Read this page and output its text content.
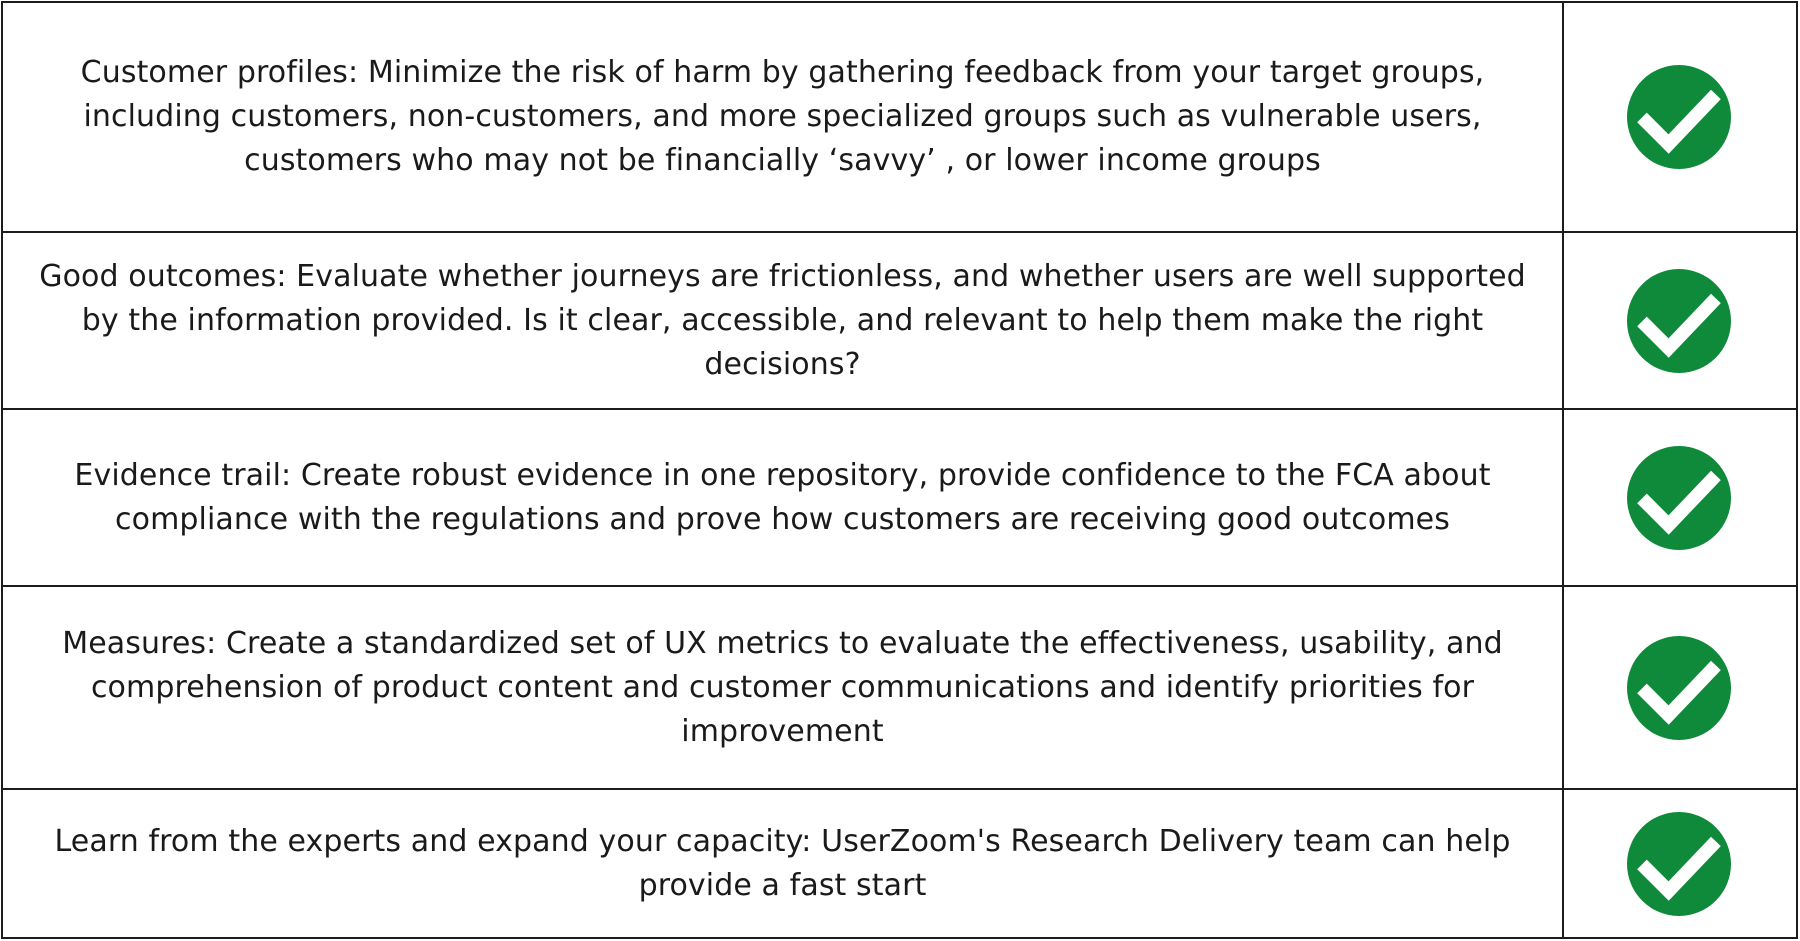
Customer profiles: Minimize the risk of harm by gathering feedback from your target groups, including customers, non-customers, and more specialized groups such as vulnerable users, customers who may not be financially ‘savvy’ , or lower income groups
Good outcomes: Evaluate whether journeys are frictionless, and whether users are well supported by the information provided. Is it clear, accessible, and relevant to help them make the right decisions?
Evidence trail: Create robust evidence in one repository, provide confidence to the FCA about compliance with the regulations and prove how customers are receiving good outcomes
Measures: Create a standardized set of UX metrics to evaluate the effectiveness, usability, and comprehension of product content and customer communications and identify priorities for improvement
Learn from the experts and expand your capacity: UserZoom's Research Delivery team can help provide a fast start
